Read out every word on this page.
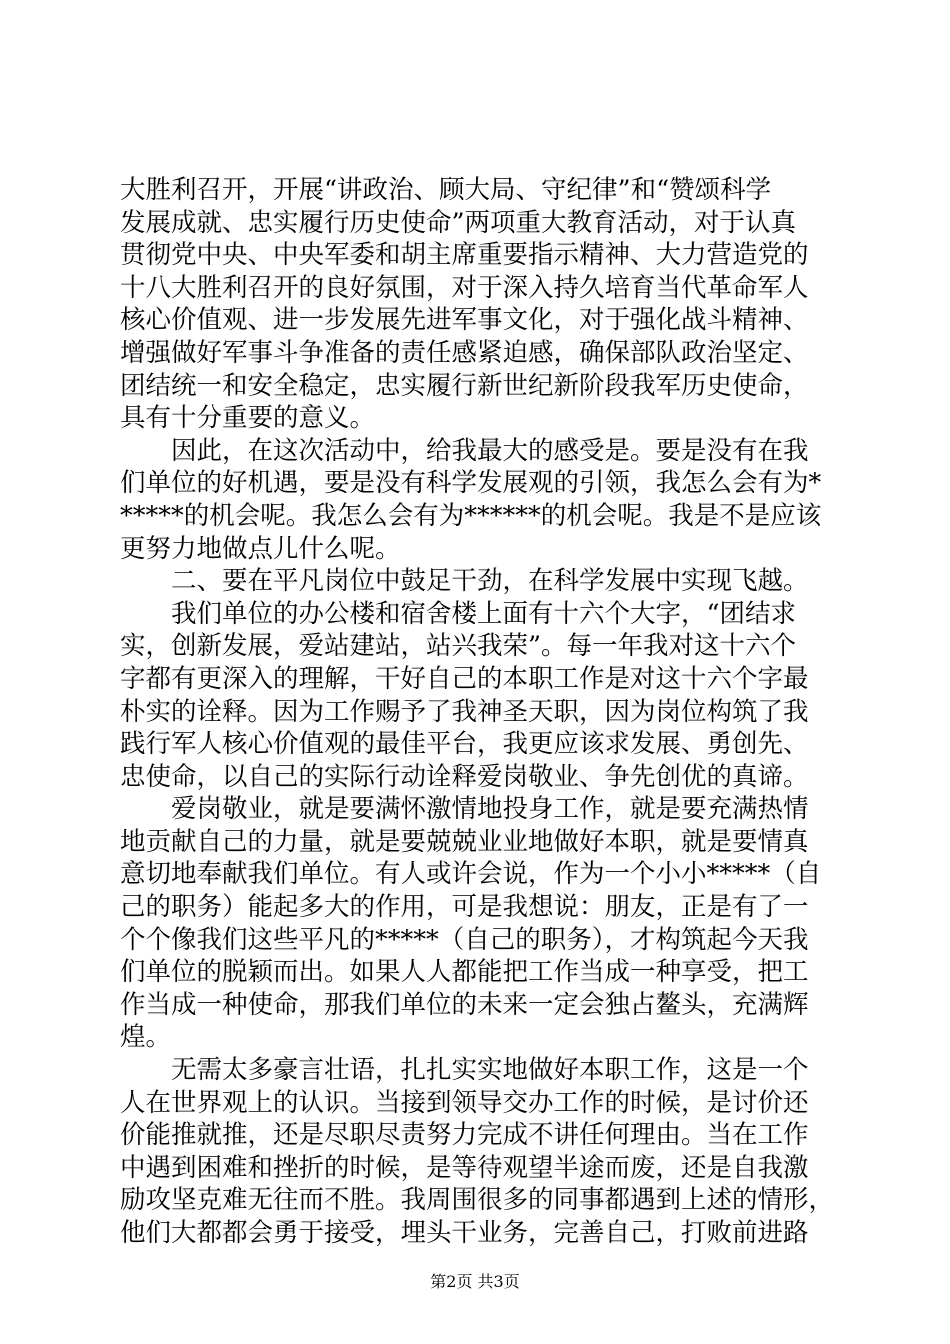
大胜利召开，开展“讲政治、顾大局、守纪律”和“赞颂科学
发展成就、忠实履行历史使命”两项重大教育活动，对于认真
贯彻党中央、中央军委和胡主席重要指示精神、大力营造党的
十八大胜利召开的良好氛围，对于深入持久培育当代革命军人
核心价值观、进一步发展先进军事文化，对于强化战斗精神、
增强做好军事斗争准备的责任感紧迫感，确保部队政治坚定、
团结统一和安全稳定，忠实履行新世纪新阶段我军历史使命，
具有十分重要的意义。
　　因此，在这次活动中，给我最大的感受是。要是没有在我
们单位的好机遇，要是没有科学发展观的引领，我怎么会有为*
*****的机会呢。我怎么会有为******的机会呢。我是不是应该
更努力地做点儿什么呢。
　　二、要在平凡岗位中鼓足干劲，在科学发展中实现飞越。
　　我们单位的办公楼和宿舍楼上面有十六个大字，“团结求
实，创新发展，爱站建站，站兴我荣”。每一年我对这十六个
字都有更深入的理解，干好自己的本职工作是对这十六个字最
朴实的诠释。因为工作赐予了我神圣天职，因为岗位构筑了我
践行军人核心价值观的最佳平台，我更应该求发展、勇创先、
忠使命，以自己的实际行动诠释爱岗敬业、争先创优的真谛。
　　爱岗敬业，就是要满怀激情地投身工作，就是要充满热情
地贡献自己的力量，就是要兢兢业业地做好本职，就是要情真
意切地奉献我们单位。有人或许会说，作为一个小小*****（自
己的职务）能起多大的作用，可是我想说：朋友，正是有了一
个个像我们这些平凡的*****（自己的职务），才构筑起今天我
们单位的脱颖而出。如果人人都能把工作当成一种享受，把工
作当成一种使命，那我们单位的未来一定会独占鳌头，充满辉
煌。
　　无需太多豪言壮语，扎扎实实地做好本职工作，这是一个
人在世界观上的认识。当接到领导交办工作的时候，是讨价还
价能推就推，还是尽职尽责努力完成不讲任何理由。当在工作
中遇到困难和挫折的时候，是等待观望半途而废，还是自我激
励攻坚克难无往而不胜。我周围很多的同事都遇到上述的情形，
他们大都都会勇于接受，埋头干业务，完善自己，打败前进路
第2页 共3页
